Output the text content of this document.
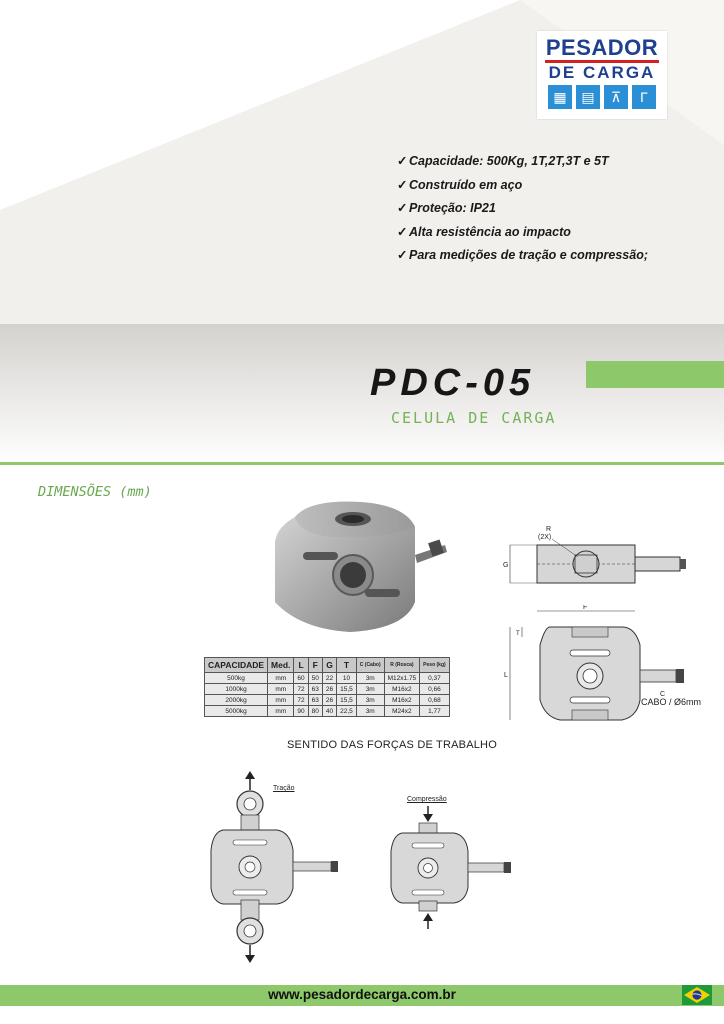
PESADOR
DE CARGA
▦	▤	⊼	Γ
✓ Capacidade: 500Kg, 1T,2T,3T e 5T
✓ Construído em aço
✓ Proteção: IP21
✓ Alta resistência ao impacto
✓ Para medições de tração e compressão;
PDC-05
CELULA DE CARGA
DIMENSÕES (mm)
G
R
(2X)
F
L
T
C
CABO / Ø6mm
CAPACIDADE	Med.	L	F	G	T	C (Cabo)	R (Rosca)	Peso (kg)
500kg	mm	60	50	22	10	3m	M12x1.75	0,37
1000kg	mm	72	63	26	15,5	3m	M16x2	0,66
2000kg	mm	72	63	26	15,5	3m	M16x2	0,68
5000kg	mm	90	80	40	22,5	3m	M24x2	1,77
SENTIDO DAS FORÇAS DE TRABALHO
Tração
Compressão
www.pesadordecarga.com.br
